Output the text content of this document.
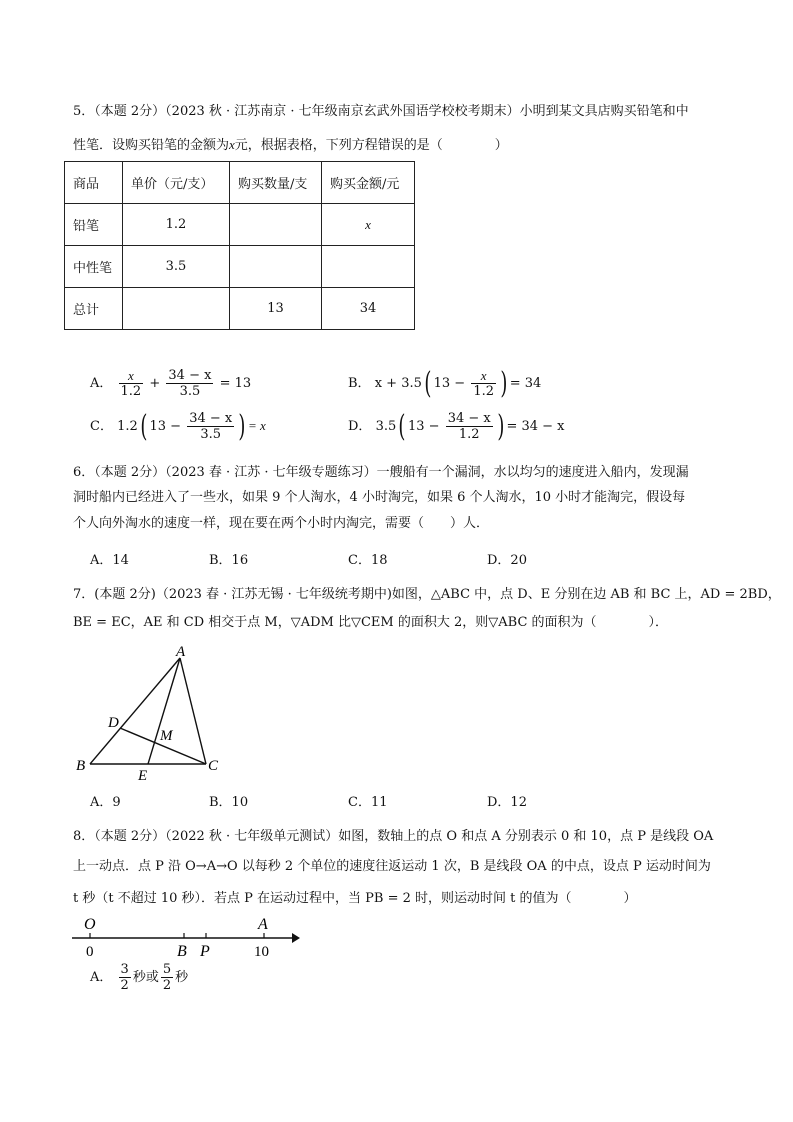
5．（本题 2分）（2023 秋 · 江苏南京 · 七年级南京玄武外国语学校校考期末）小明到某文具店购买铅笔和中
性笔．设购买铅笔的金额为x元，根据表格，下列方程错误的是（　　　　）
商品	单价（元/支）	购买数量/支	购买金额/元
铅笔	1.2		x
中性笔	3.5		
总计		13	34
A． $\frac{x}{1.2} + \frac{34 - x}{3.5} = 13$	B． x + 3.5( $13 - \frac{x}{1.2}$ ) = 34
C． 1.2( $13 - \frac{34 - x}{3.5}$ ) = x	D． 3.5( $13 - \frac{34 - x}{1.2}$ ) = 34 − x
6．（本题 2分）（2023 春 · 江苏 · 七年级专题练习）一艘船有一个漏洞，水以均匀的速度进入船内，发现漏
洞时船内已经进入了一些水，如果 9 个人淘水，4 小时淘完，如果 6 个人淘水，10 小时才能淘完，假设每
个人向外淘水的速度一样，现在要在两个小时内淘完，需要（　　）人．
A．14	B．16	C．18	D．20
7．(本题 2分)（2023 春 · 江苏无锡 · 七年级统考期中)如图，△ABC 中，点 D、E 分别在边 AB 和 BC 上，AD = 2BD，
BE = EC，AE 和 CD 相交于点 M，▽ADM 比▽CEM 的面积大 2，则▽ABC 的面积为（　　　　）．
A
B	C
D
E
M
A．9	B．10	C．11	D．12
8．（本题 2分）（2022 秋 · 七年级单元测试）如图，数轴上的点 O 和点 A 分别表示 0 和 10，点 P 是线段 OA
上一动点．点 P 沿 O→A→O 以每秒 2 个单位的速度往返运动 1 次，B 是线段 OA 的中点，设点 P 运动时间为
t 秒（t 不超过 10 秒）．若点 P 在运动过程中，当 PB = 2 时，则运动时间 t 的值为（　　　　）
O
0	B P
A
10
A． $\frac{3}{2}$ 秒或 $\frac{5}{2}$ 秒
